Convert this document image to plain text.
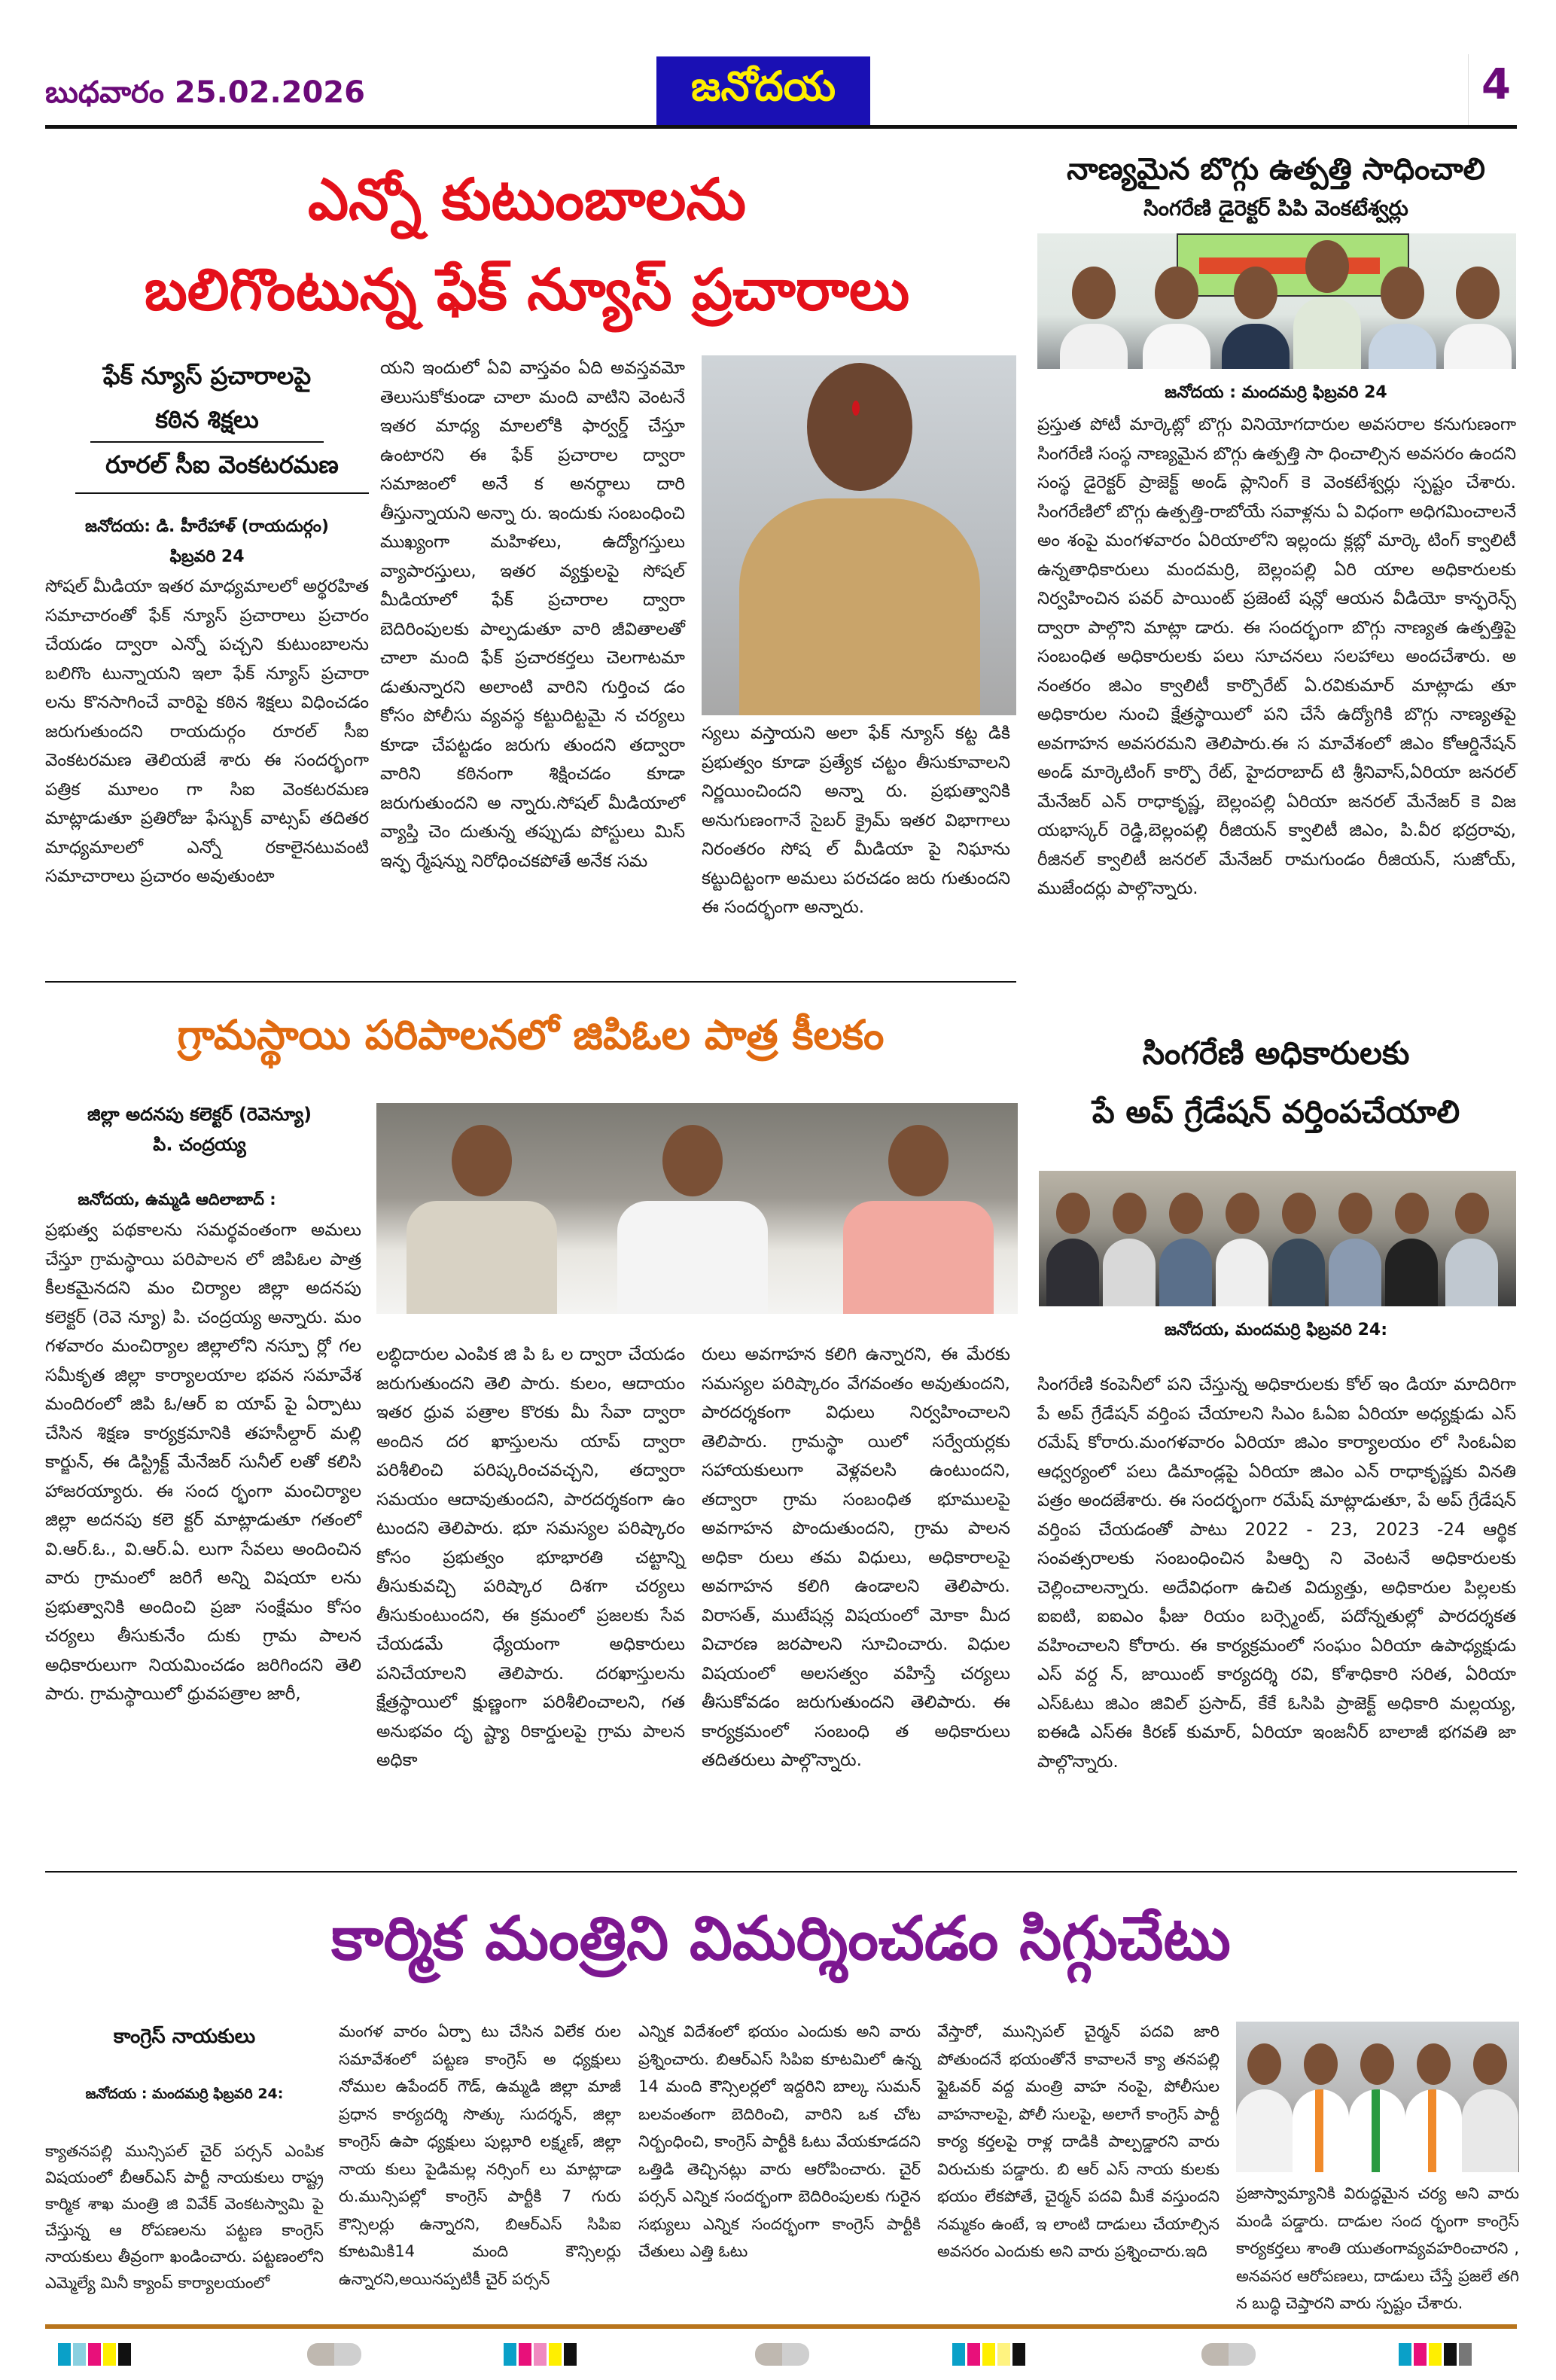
బుధవారం 25.02.2026	జనోదయ	4
ఎన్నో కుటుంబాలను
బలిగొంటున్న ఫేక్ న్యూస్ ప్రచారాలు
ఫేక్ న్యూస్ ప్రచారాలపై
కఠిన శిక్షలు
రూరల్ సీఐ వెంకటరమణ
జనోదయ: డి. హీరేహాళ్ (రాయదుర్గం)
ఫిబ్రవరి 24
సోషల్ మీడియా ఇతర మాధ్యమాలలో అర్థరహిత సమాచారంతో ఫేక్ న్యూస్ ప్రచారాలు ప్రచారం చేయడం ద్వారా ఎన్నో పచ్చని కుటుంబాలను బలిగొం టున్నాయని ఇలా ఫేక్ న్యూస్ ప్రచారా లను కొనసాగించే వారిపై కఠిన శిక్షలు విధించడం జరుగుతుందని రాయదుర్గం రూరల్ సీఐ వెంకటరమణ తెలియజే శారు ఈ సందర్భంగా పత్రిక మూలం గా సిఐ వెంకటరమణ మాట్లాడుతూ ప్రతిరోజు ఫేస్బుక్ వాట్సప్ తదితర మాధ్యమాలలో ఎన్నో రకాలైనటువంటి సమాచారాలు ప్రచారం అవుతుంటా
యని ఇందులో ఏవి వాస్తవం ఏది అవస్తవమో తెలుసుకోకుండా చాలా మంది వాటిని వెంటనే ఇతర మాధ్య మాలలోకి ఫార్వర్డ్ చేస్తూ ఉంటారని ఈ ఫేక్ ప్రచారాల ద్వారా సమాజంలో అనే క అనర్థాలు దారి తీస్తున్నాయని అన్నా రు. ఇందుకు సంబంధించి ముఖ్యంగా మహిళలు, ఉద్యోగస్తులు వ్యాపారస్తులు, ఇతర వ్యక్తులపై సోషల్ మీడియాలో ఫేక్ ప్రచారాల ద్వారా బెదిరింపులకు పాల్పడుతూ వారి జీవితాలతో చాలా మంది ఫేక్ ప్రచారకర్తలు చెలగాటమా డుతున్నారని అలాంటి వారిని గుర్తించ డం కోసం పోలీసు వ్యవస్థ కట్టుదిట్టమై న చర్యలు కూడా చేపట్టడం జరుగు తుందని తద్వారా వారిని కఠినంగా శిక్షించడం కూడా జరుగుతుందని అ న్నారు.సోషల్ మీడియాలో వ్యాప్తి చెం దుతున్న తప్పుడు పోస్టులు మిస్ ఇన్ఫ ర్మేషన్ను నిరోధించకపోతే అనేక సమ
స్యలు వస్తాయని అలా ఫేక్ న్యూస్ కట్ట డికి ప్రభుత్వం కూడా ప్రత్యేక చట్టం తీసుకూవాలని నిర్ణయించిందని అన్నా రు. ప్రభుత్వానికి అనుగుణంగానే సైబర్ క్రైమ్ ఇతర విభాగాలు నిరంతరం సోష ల్ మీడియా పై నిఘాను కట్టుదిట్టంగా అమలు పరచడం జరు గుతుందని ఈ సందర్భంగా అన్నారు.
నాణ్యమైన బొగ్గు ఉత్పత్తి సాధించాలి
సింగరేణి డైరెక్టర్ పిపి వెంకటేశ్వర్లు
జనోదయ : మందమర్రి ఫిబ్రవరి 24
ప్రస్తుత పోటీ మార్కెట్లో బొగ్గు వినియోగదారుల అవసరాల కనుగుణంగా సింగరేణి సంస్థ నాణ్యమైన బొగ్గు ఉత్పత్తి సా ధించాల్సిన అవసరం ఉందని సంస్థ డైరెక్టర్ ప్రాజెక్ట్ అండ్ ప్లానింగ్ కె వెంకటేశ్వర్లు స్పష్టం చేశారు. సింగరేణిలో బొగ్గు ఉత్పత్తి-రాబోయే సవాళ్లను ఏ విధంగా అధిగమించాలనే అం శంపై మంగళవారం ఏరియాలోని ఇల్లందు క్లబ్లో మార్కె టింగ్ క్వాలిటీ ఉన్నతాధికారులు మందమర్రి, బెల్లంపల్లి ఏరి యాల అధికారులకు నిర్వహించిన పవర్ పాయింట్ ప్రజెంటే షన్లో ఆయన వీడియో కాన్ఫరెన్స్ ద్వారా పాల్గొని మాట్లా డారు. ఈ సందర్భంగా బొగ్గు నాణ్యత ఉత్పత్తిపై సంబంధిత అధికారులకు పలు సూచనలు సలహాలు అందచేశారు. అ నంతరం జిఎం క్వాలిటీ కార్పొరేట్ ఏ.రవికుమార్ మాట్లాడు తూ అధికారుల నుంచి క్షేత్రస్థాయిలో పని చేసే ఉద్యోగికి బొగ్గు నాణ్యతపై అవగాహన అవసరమని తెలిపారు.ఈ స మావేశంలో జిఎం కోఆర్డినేషన్ అండ్ మార్కెటింగ్ కార్పొ రేట్, హైదరాబాద్ టి శ్రీనివాస్,ఏరియా జనరల్ మేనేజర్ ఎన్ రాధాకృష్ణ, బెల్లంపల్లి ఏరియా జనరల్ మేనేజర్ కె విజ యభాస్కర్ రెడ్డి,బెల్లంపల్లి రీజియన్ క్వాలిటీ జిఎం, పి.వీర భద్రరావు, రీజినల్ క్వాలిటీ జనరల్ మేనేజర్ రామగుండం రీజియన్, సుజోయ్, ముజేందర్లు పాల్గొన్నారు.
గ్రామస్థాయి పరిపాలనలో జిపిఓల పాత్ర కీలకం
జిల్లా అదనపు కలెక్టర్ (రెవెన్యూ)
పి. చంద్రయ్య
జనోదయ, ఉమ్మడి ఆదిలాబాద్ :
ప్రభుత్వ పథకాలను సమర్థవంతంగా అమలు చేస్తూ గ్రామస్థాయి పరిపాలన లో జిపిఓల పాత్ర కీలకమైనదని మం చిర్యాల జిల్లా అదనపు కలెక్టర్ (రెవె న్యూ) పి. చంద్రయ్య అన్నారు. మం గళవారం మంచిర్యాల జిల్లాలోని నస్పూ ర్లో గల సమీకృత జిల్లా కార్యాలయాల భవన సమావేశ మందిరంలో జిపి ఓ/ఆర్ ఐ యాప్ పై ఏర్పాటు చేసిన శిక్షణ కార్యక్రమానికి తహసీల్దార్ మల్లి కార్జున్, ఈ డిస్ట్రిక్ట్ మేనేజర్ సునీల్ లతో కలిసి హాజరయ్యారు. ఈ సంద ర్భంగా మంచిర్యాల జిల్లా అదనపు కలె క్టర్ మాట్లాడుతూ గతంలో వి.ఆర్.ఓ., వి.ఆర్.ఏ. లుగా సేవలు అందించిన వారు గ్రామంలో జరిగే అన్ని విషయా లను ప్రభుత్వానికి అందించి ప్రజా సంక్షేమం కోసం చర్యలు తీసుకునేం దుకు గ్రామ పాలన అధికారులుగా నియమించడం జరిగిందని తెలి పారు. గ్రామస్థాయిలో ధ్రువపత్రాల జారీ,
లబ్ధిదారుల ఎంపిక జి పి ఓ ల ద్వారా చేయడం జరుగుతుందని తెలి పారు. కులం, ఆదాయం ఇతర ధ్రువ పత్రాల కొరకు మీ సేవా ద్వారా అందిన దర ఖాస్తులను యాప్ ద్వారా పరిశీలించి పరిష్కరించవచ్చని, తద్వారా సమయం ఆదావుతుందని, పారదర్శకంగా ఉం టుందని తెలిపారు. భూ సమస్యల పరిష్కారం కోసం ప్రభుత్వం భూభారతి చట్టాన్ని తీసుకువచ్చి పరిష్కార దిశగా చర్యలు తీసుకుంటుందని, ఈ క్రమంలో ప్రజలకు సేవ చేయడమే ధ్యేయంగా అధికారులు పనిచేయాలని తెలిపారు. దరఖాస్తులను క్షేత్రస్థాయిలో క్షుణ్ణంగా పరిశీలించాలని, గత అనుభవం దృ ష్ట్యా రికార్డులపై గ్రామ పాలన అధికా
రులు అవగాహన కలిగి ఉన్నారని, ఈ మేరకు సమస్యల పరిష్కారం వేగవంతం అవుతుందని, పారదర్శకంగా విధులు నిర్వహించాలని తెలిపారు. గ్రామస్థా యిలో సర్వేయర్లకు సహాయకులుగా వెళ్లవలసి ఉంటుందని, తద్వారా గ్రామ సంబంధిత భూములపై అవగాహన పొందుతుందని, గ్రామ పాలన అధికా రులు తమ విధులు, అధికారాలపై అవగాహన కలిగి ఉండాలని తెలిపారు. విరాసత్, ముటేషన్ల విషయంలో మోకా మీద విచారణ జరపాలని సూచించారు. విధుల విషయంలో అలసత్వం వహిస్తే చర్యలు తీసుకోవడం జరుగుతుందని తెలిపారు. ఈ కార్యక్రమంలో సంబంధి త అధికారులు తదితరులు పాల్గొన్నారు.
సింగరేణి అధికారులకు
పే అప్ గ్రేడేషన్ వర్తింపచేయాలి
జనోదయ, మందమర్రి ఫిబ్రవరి 24:
సింగరేణి కంపెనీలో పని చేస్తున్న అధికారులకు కోల్ ఇం డియా మాదిరిగా పే అప్ గ్రేడేషన్ వర్తింప చేయాలని సిఎం ఓఏఐ ఏరియా అధ్యక్షుడు ఎస్ రమేష్ కోరారు.మంగళవారం ఏరియా జిఎం కార్యాలయం లో సింఓఏఐ ఆధ్వర్యంలో పలు డిమాండ్లపై ఏరియా జిఎం ఎన్ రాధాకృష్ణకు వినతి పత్రం అందజేశారు. ఈ సందర్భంగా రమేష్ మాట్లాడుతూ, పే అప్ గ్రేడేషన్ వర్తింప చేయడంతో పాటు 2022 - 23, 2023 -24 ఆర్థిక సంవత్సరాలకు సంబంధించిన పిఆర్పి ని వెంటనే అధికారులకు చెల్లించాలన్నారు. అదేవిధంగా ఉచిత విద్యుత్తు, అధికారుల పిల్లలకు ఐఐటి, ఐఐఎం ఫీజు రియం బర్స్మెంట్, పదోన్నతుల్లో పారదర్శకత వహించాలని కోరారు. ఈ కార్యక్రమంలో సంఘం ఏరియా ఉపాధ్యక్షుడు ఎస్ వర్ద న్, జాయింట్ కార్యదర్శి రవి, కోశాధికారి సరిత, ఏరియా ఎస్ఓటు జిఎం జివిల్ ప్రసాద్, కేకే ఓసిపి ప్రాజెక్ట్ అధికారి మల్లయ్య, ఐఈడి ఎస్ఈ కిరణ్ కుమార్, ఏరియా ఇంజనీర్ బాలాజీ భగవతి జా పాల్గొన్నారు.
కార్మిక మంత్రిని విమర్శించడం సిగ్గుచేటు
కాంగ్రెస్ నాయకులు
జనోదయ : మందమర్రి ఫిబ్రవరి 24:
క్యాతనపల్లి మున్సిపల్ చైర్ పర్సన్ ఎంపిక విషయంలో బీఆర్ఎస్ పార్టీ నాయకులు రాష్ట్ర కార్మిక శాఖ మంత్రి జి వివేక్ వెంకటస్వామి పై చేస్తున్న ఆ రోపణలను పట్టణ కాంగ్రెస్ నాయకులు తీవ్రంగా ఖండించారు. పట్టణంలోని ఎమ్మెల్యే మినీ క్యాంప్ కార్యాలయంలో
మంగళ వారం ఏర్పా టు చేసిన విలేక రుల సమావేశంలో పట్టణ కాంగ్రెస్ అ ధ్యక్షులు నోముల ఉపేందర్ గౌడ్, ఉమ్మడి జిల్లా మాజీ ప్రధాన కార్యదర్శి సొత్కు సుదర్శన్, జిల్లా కాంగ్రెస్ ఉపా ధ్యక్షులు పుల్లూరి లక్ష్మణ్, జిల్లా నాయ కులు పైడిమల్ల నర్సింగ్ లు మాట్లాడా రు.మున్సిపల్లో కాంగ్రెస్ పార్టీకి 7 గురు కౌన్సిలర్లు ఉన్నారని, బిఆర్ఎస్ సిపిఐ కూటమికి14 మంది కౌన్సిలర్లు ఉన్నారని,అయినప్పటికీ చైర్ పర్సన్
ఎన్నిక విదేశంలో భయం ఎందుకు అని వారు ప్రశ్నించారు. బిఆర్ఎస్ సిపిఐ కూటమిలో ఉన్న 14 మంది కౌన్సిలర్లలో ఇద్దరిని బాల్క సుమన్ బలవంతంగా బెదిరించి, వారిని ఒక చోట నిర్బంధించి, కాంగ్రెస్ పార్టీకి ఓటు వేయకూడదని ఒత్తిడి తెచ్చినట్లు వారు ఆరోపించారు. చైర్ పర్సన్ ఎన్నిక సందర్భంగా బెదిరింపులకు గురైన సభ్యులు ఎన్నిక సందర్భంగా కాంగ్రెస్ పార్టీకి చేతులు ఎత్తి ఓటు
వేస్తారో, మున్సిపల్ చైర్మన్ పదవి జారి పోతుందనే భయంతోనే కావాలనే క్యా తనపల్లి ఫ్లైఓవర్ వద్ద మంత్రి వాహ నంపై, పోలీసుల వాహనాలపై, పోలీ సులపై, అలాగే కాంగ్రెస్ పార్టీ కార్య కర్తలపై రాళ్ల దాడికి పాల్పడ్డారని వారు విరుచుకు పడ్డారు. బి ఆర్ ఎస్ నాయ కులకు భయం లేకపోతే, చైర్మన్ పదవి మీకే వస్తుందని నమ్మకం ఉంటే, ఇ లాంటి దాడులు చేయాల్సిన అవసరం ఎందుకు అని వారు ప్రశ్నించారు.ఇది
ప్రజాస్వామ్యానికి విరుద్ధమైన చర్య అని వారు మండి పడ్డారు. దాడుల సంద ర్భంగా కాంగ్రెస్ కార్యకర్తలు శాంతి యుతంగావ్యవహరించారని , అనవసర ఆరోపణలు, దాడులు చేస్తే ప్రజలే తగి న బుద్ధి చెప్తారని వారు స్పష్టం చేశారు.
